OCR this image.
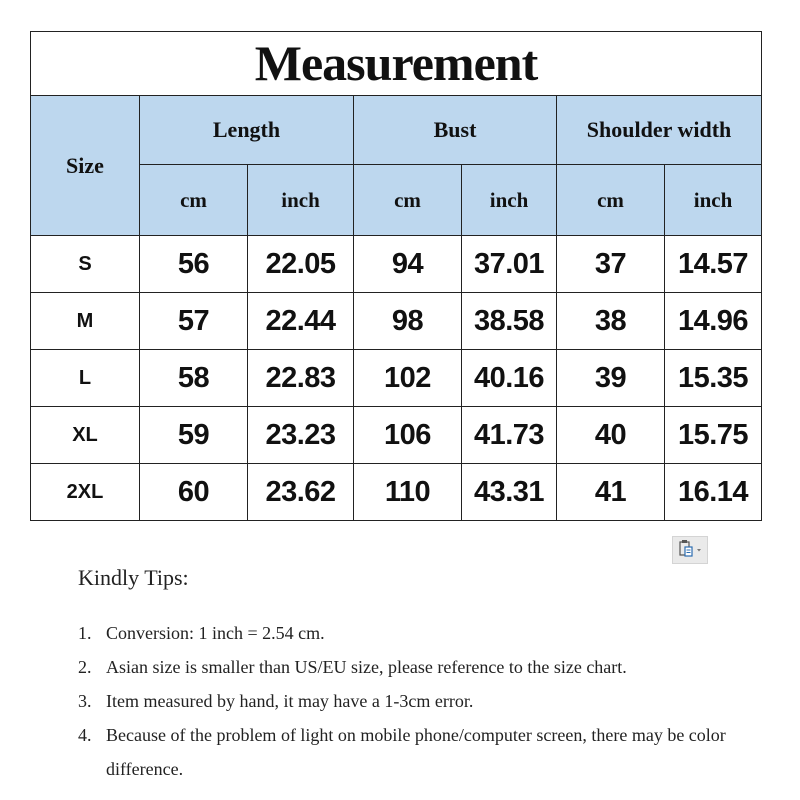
Measurement						
Size	Length		Bust		Shoulder width	
	cm	inch	cm	inch	cm	inch
S	56	22.05	94	37.01	37	14.57
M	57	22.44	98	38.58	38	14.96
L	58	22.83	102	40.16	39	15.35
XL	59	23.23	106	41.73	40	15.75
2XL	60	23.62	110	43.31	41	16.14
Kindly Tips:
1. Conversion: 1 inch = 2.54 cm.
2. Asian size is smaller than US/EU size, please reference to the size chart.
3. Item measured by hand, it may have a 1-3cm error.
4. Because of the problem of light on mobile phone/computer screen, there may be color difference.
